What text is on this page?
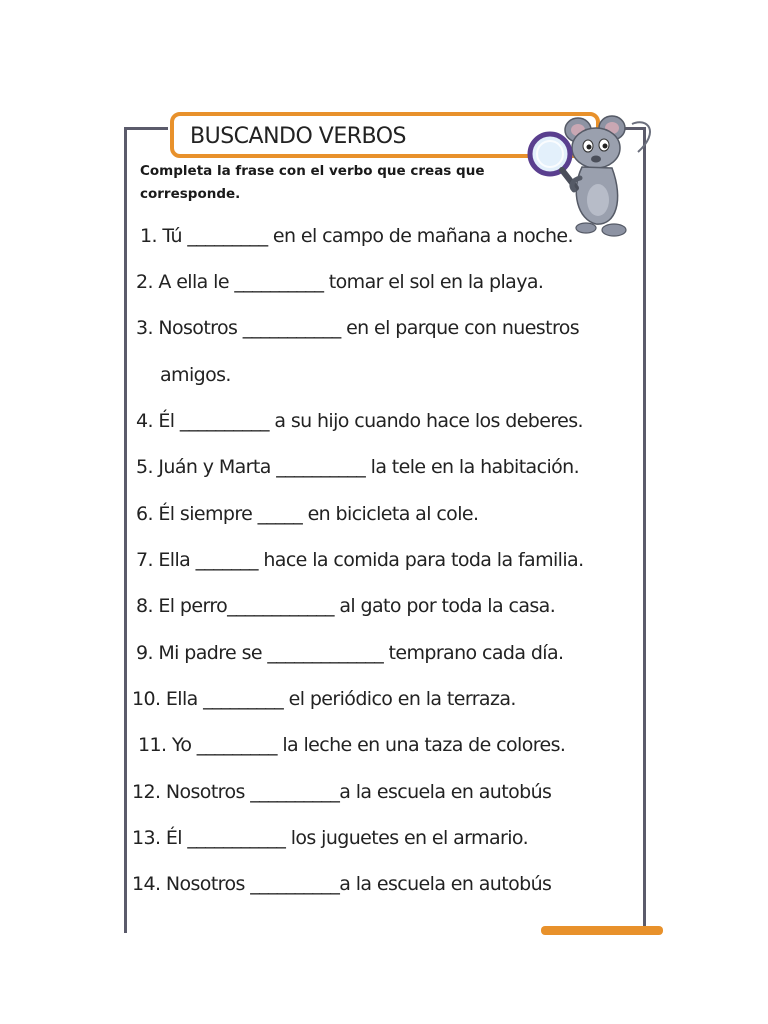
BUSCANDO VERBOS
Completa la frase con el verbo que creas que corresponde.
1. Tú _________ en el campo de mañana a noche.
2. A ella le __________ tomar el sol en la playa.
3. Nosotros ___________ en el parque con nuestros
amigos.
4. Él __________ a su hijo cuando hace los deberes.
5. Juán y Marta __________ la tele en la habitación.
6. Él siempre _____ en bicicleta al cole.
7. Ella _______ hace la comida para toda la familia.
8. El perro____________ al gato por toda la casa.
9. Mi padre se _____________ temprano cada día.
10. Ella _________ el periódico en la terraza.
11. Yo _________ la leche en una taza de colores.
12. Nosotros __________a la escuela en autobús
13. Él ___________ los juguetes en el armario.
14. Nosotros __________a la escuela en autobús
